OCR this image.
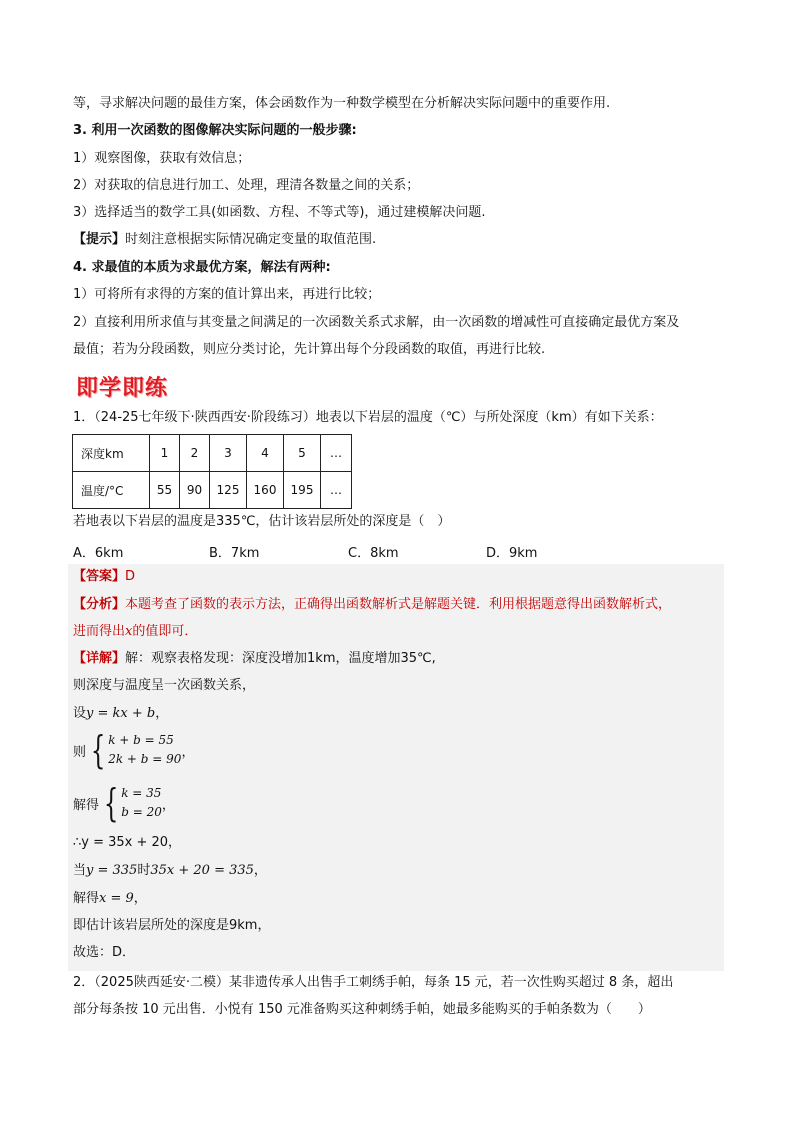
等，寻求解决问题的最佳方案，体会函数作为一种数学模型在分析解决实际问题中的重要作用.
3. 利用一次函数的图像解决实际问题的一般步骤:
1）观察图像，获取有效信息；
2）对获取的信息进行加工、处理，理清各数量之间的关系；
3）选择适当的数学工具(如函数、方程、不等式等)，通过建模解决问题.
【提示】时刻注意根据实际情况确定变量的取值范围.
4. 求最值的本质为求最优方案，解法有两种:
1）可将所有求得的方案的值计算出来，再进行比较；
2）直接利用所求值与其变量之间满足的一次函数关系式求解，由一次函数的增减性可直接确定最优方案及
最值；若为分段函数，则应分类讨论，先计算出每个分段函数的取值，再进行比较.
即学即练
1．（24-25七年级下·陕西西安·阶段练习）地表以下岩层的温度（℃）与所处深度（km）有如下关系：
深度km	1	2	3	4	5	…
温度/°C	55	90	125	160	195	…
若地表以下岩层的温度是335℃，估计该岩层所处的深度是（　）
A．6km	B．7km	C．8km	D．9km
【答案】D
【分析】本题考查了函数的表示方法，正确得出函数解析式是解题关键．利用根据题意得出函数解析式，
进而得出x的值即可．
【详解】解：观察表格发现：深度没增加1km，温度增加35℃,
则深度与温度呈一次函数关系，
设y = kx + b，
则 { k + b = 55
2k + b = 90 ，
解得 { k = 35
b = 20 ，
∴y = 35x + 20，
当y = 335时35x + 20 = 335，
解得x = 9，
即估计该岩层所处的深度是9km，
故选：D．
2．（2025陕西延安·二模）某非遗传承人出售手工刺绣手帕，每条 15 元，若一次性购买超过 8 条，超出
部分每条按 10 元出售．小悦有 150 元准备购买这种刺绣手帕，她最多能购买的手帕条数为（　　）
